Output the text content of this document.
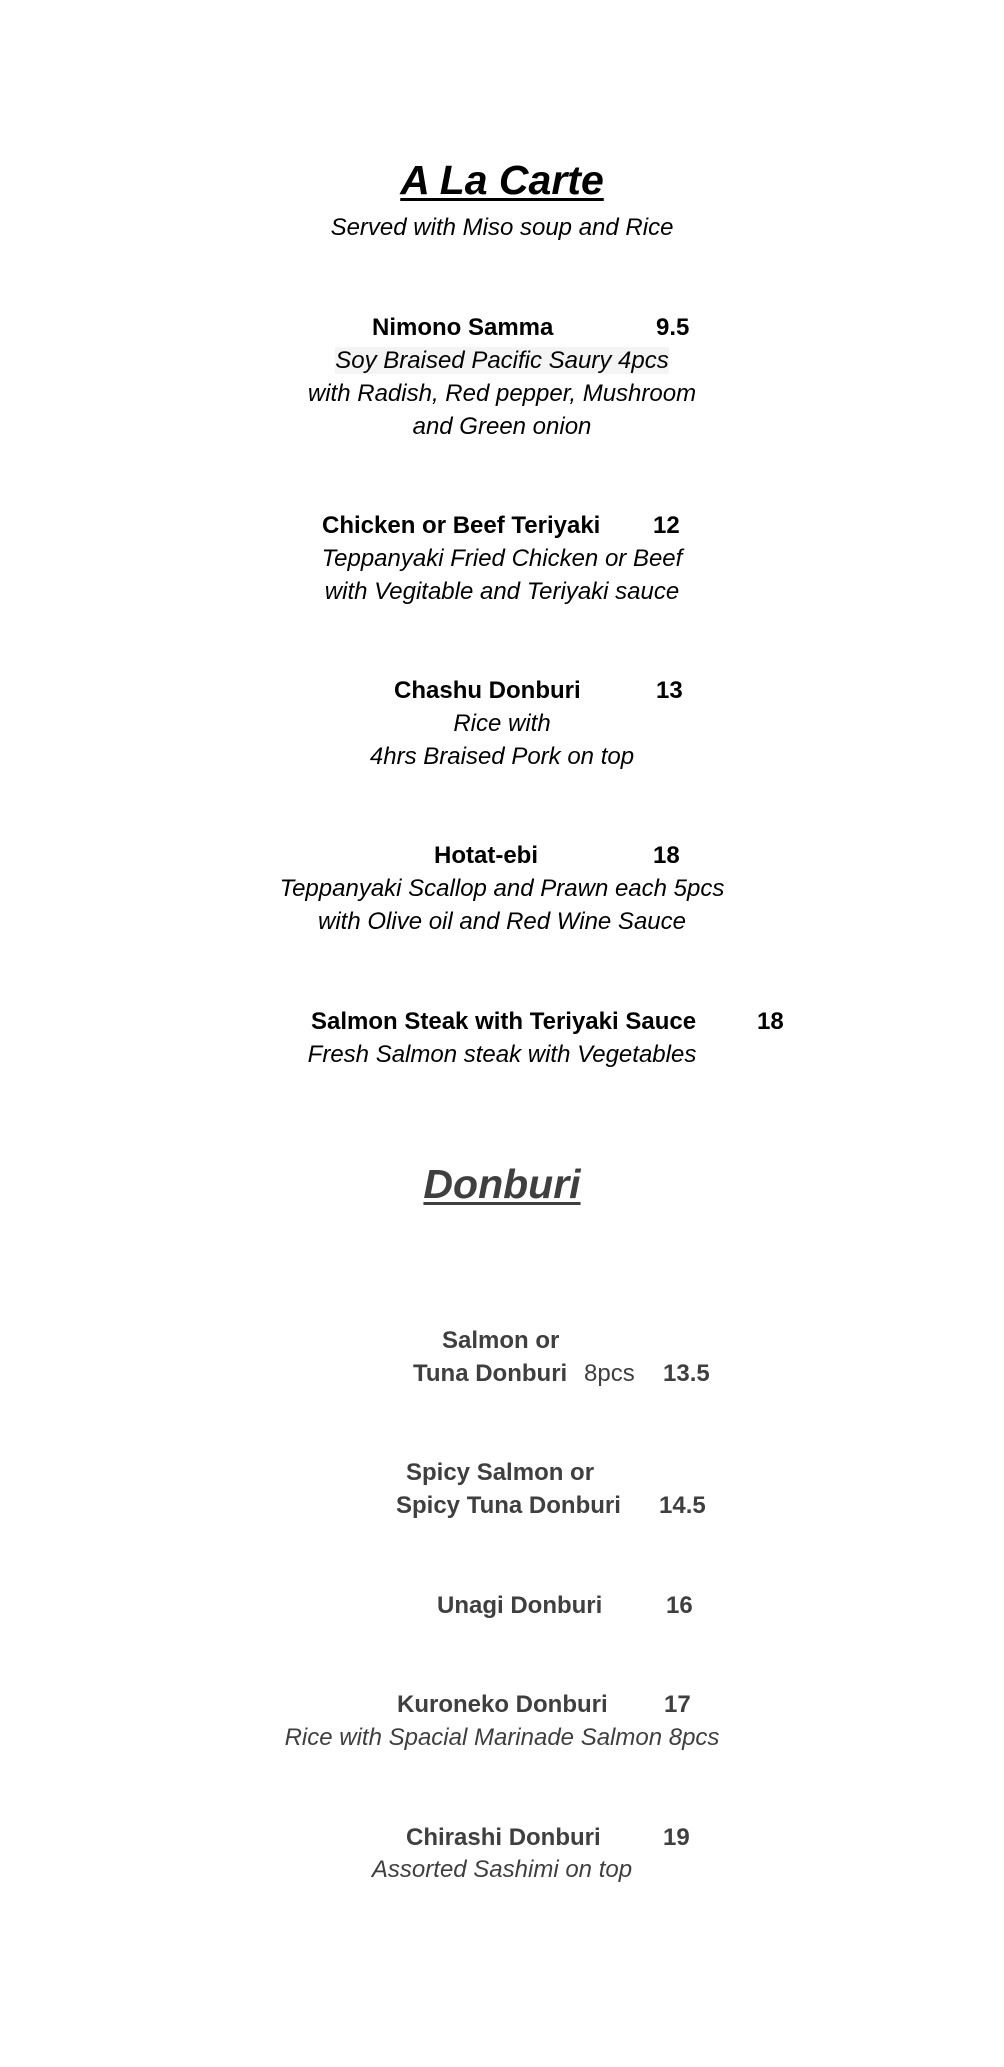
A La Carte
Served with Miso soup and Rice
Nimono Samma	9.5
Soy Braised Pacific Saury 4pcs
with Radish, Red pepper, Mushroom
and Green onion
Chicken or Beef Teriyaki 12
Teppanyaki Fried Chicken or Beef
with Vegitable and Teriyaki sauce
Chashu Donburi	13
Rice with
4hrs Braised Pork on top
Hotat-ebi	18
Teppanyaki Scallop and Prawn each 5pcs
with Olive oil and Red Wine Sauce
Salmon Steak with Teriyaki Sauce	18
Fresh Salmon steak with Vegetables
Donburi
Salmon or
Tuna Donburi 8pcs 13.5
Spicy Salmon or
Spicy Tuna Donburi 14.5
Unagi Donburi	16
Kuroneko Donburi 17
Rice with Spacial Marinade Salmon 8pcs
Chirashi Donburi	19
Assorted Sashimi on top
